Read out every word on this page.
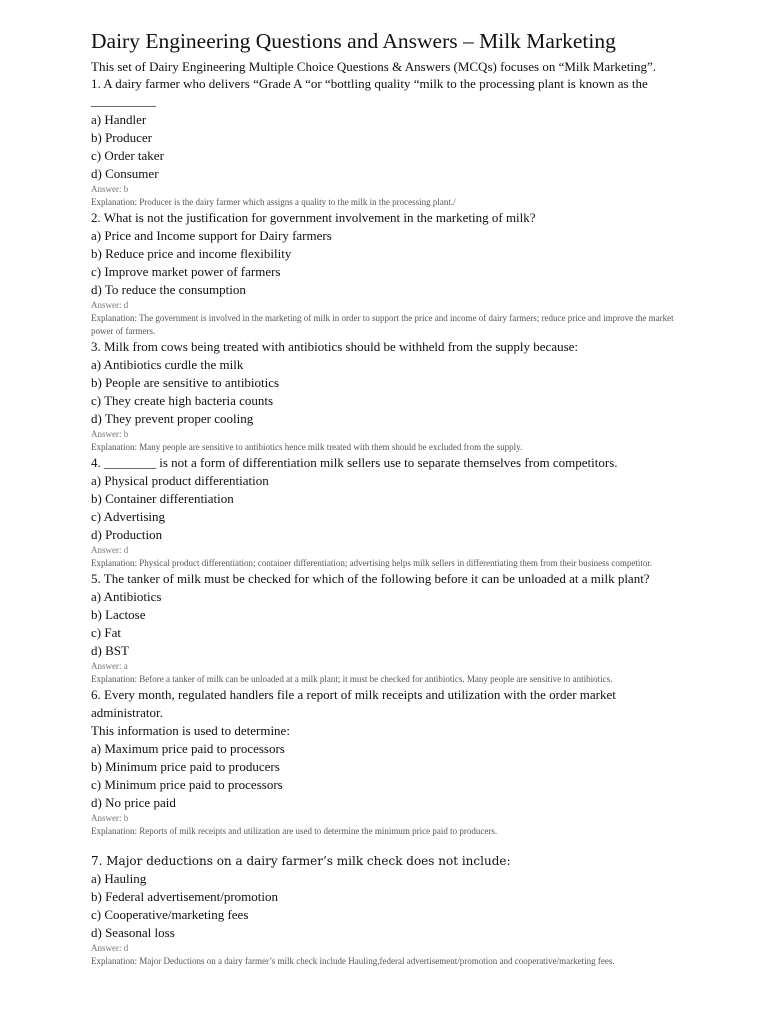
Dairy Engineering Questions and Answers – Milk Marketing

This set of Dairy Engineering Multiple Choice Questions & Answers (MCQs) focuses on “Milk Marketing”.

1. A dairy farmer who delivers “Grade A “or “bottling quality “milk to the processing plant is known as the

__________

a) Handler
b) Producer
c) Order taker
d) Consumer

Answer: b

Explanation: Producer is the dairy farmer which assigns a quality to the milk in the processing plant./

2. What is not the justification for government involvement in the marketing of milk?

a) Price and Income support for Dairy farmers
b) Reduce price and income flexibility
c) Improve market power of farmers
d) To reduce the consumption

Answer: d

Explanation: The government is involved in the marketing of milk in order to support the price and income of dairy farmers; reduce price and improve the market power of farmers.

3. Milk from cows being treated with antibiotics should be withheld from the supply because:

a) Antibiotics curdle the milk
b) People are sensitive to antibiotics
c) They create high bacteria counts
d) They prevent proper cooling

Answer: b

Explanation: Many people are sensitive to antibiotics hence milk treated with them should be excluded from the supply.

4. ________ is not a form of differentiation milk sellers use to separate themselves from competitors.

a) Physical product differentiation
b) Container differentiation
c) Advertising
d) Production

Answer: d

Explanation: Physical product differentiation; container differentiation; advertising helps milk sellers in differentiating them from their business competitor.

5. The tanker of milk must be checked for which of the following before it can be unloaded at a milk plant?

a) Antibiotics
b) Lactose
c) Fat
d) BST

Answer: a

Explanation: Before a tanker of milk can be unloaded at a milk plant; it must be checked for antibiotics. Many people are sensitive to antibiotics.

6. Every month, regulated handlers file a report of milk receipts and utilization with the order market

administrator.

This information is used to determine:

a) Maximum price paid to processors
b) Minimum price paid to producers
c) Minimum price paid to processors
d) No price paid

Answer: b

Explanation: Reports of milk receipts and utilization are used to determine the minimum price paid to producers.

7. Major deductions on a dairy farmer’s milk check does not include:

a) Hauling
b) Federal advertisement/promotion
c) Cooperative/marketing fees
d) Seasonal loss

Answer: d

Explanation: Major Deductions on a dairy farmer’s milk check include Hauling,federal advertisement/promotion and cooperative/marketing fees.
